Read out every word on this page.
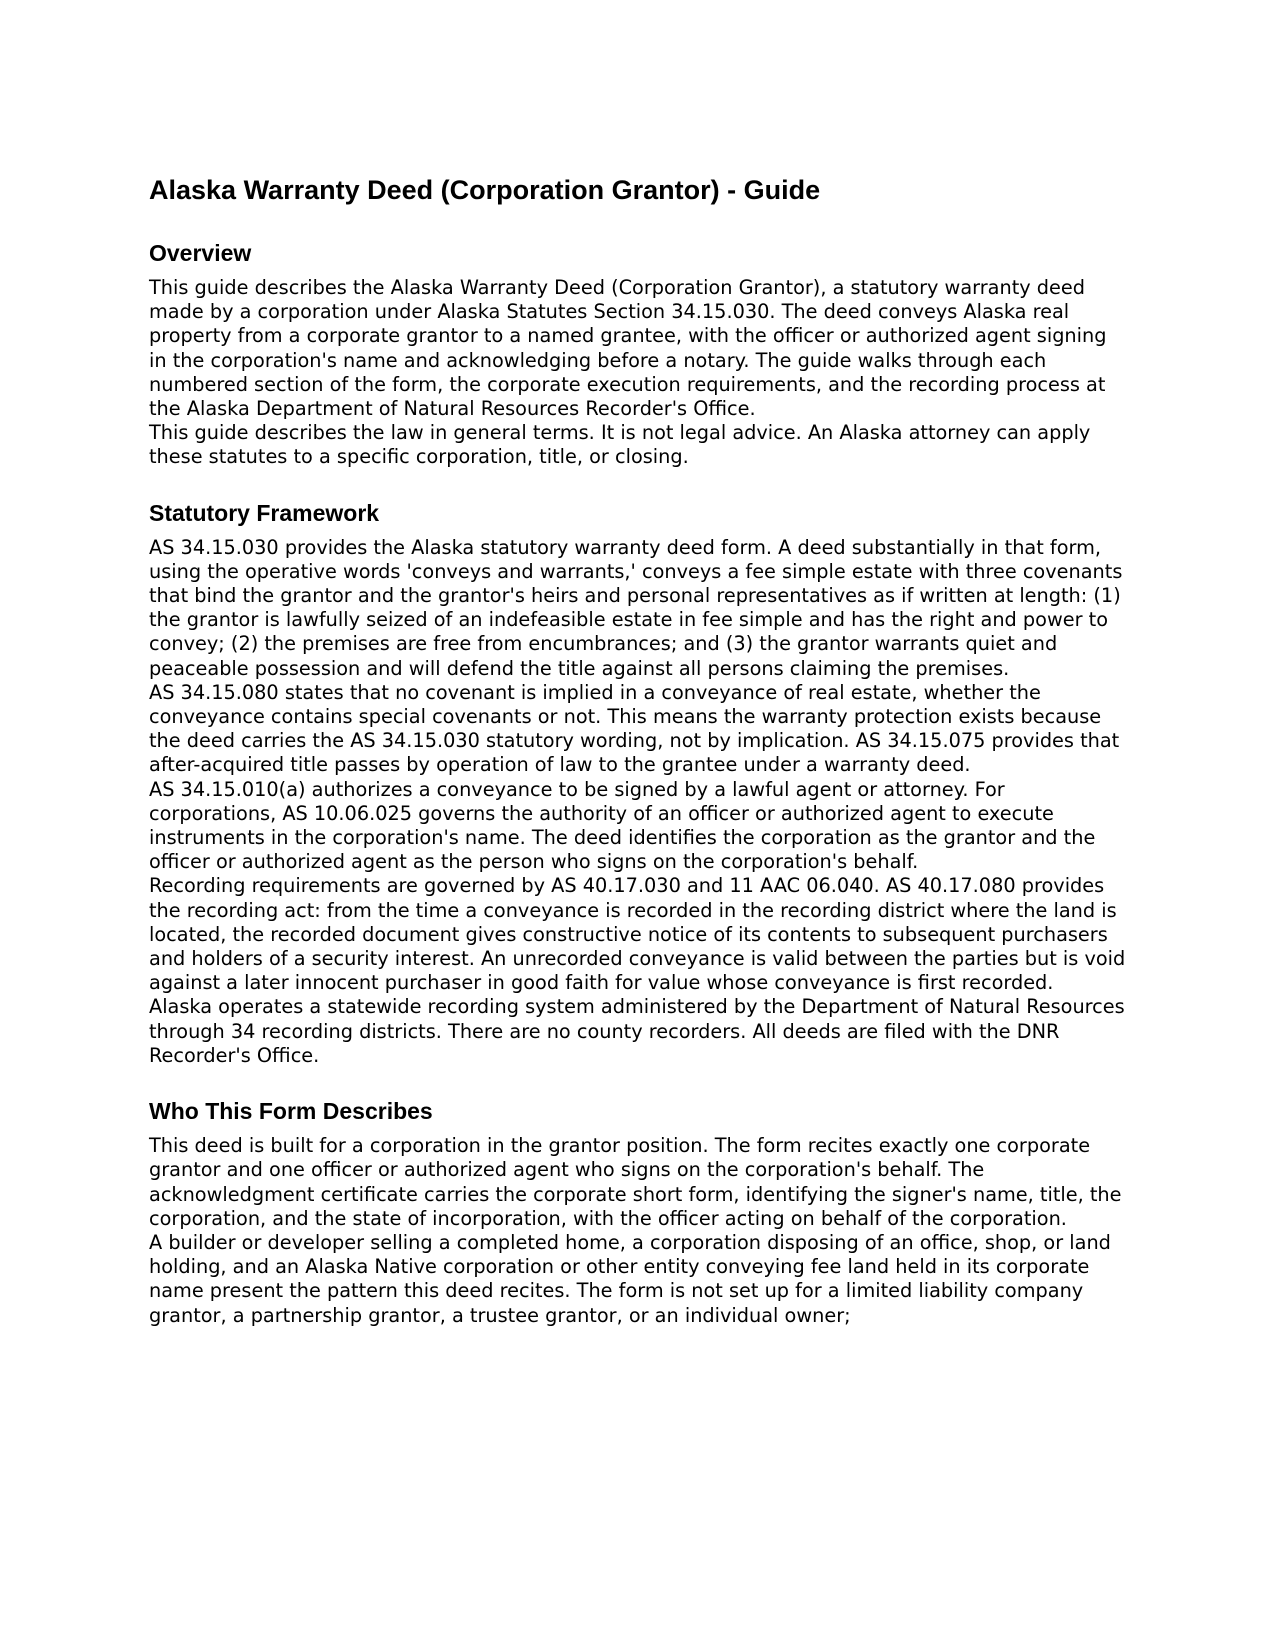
Alaska Warranty Deed (Corporation Grantor) - Guide
Overview

This guide describes the Alaska Warranty Deed (Corporation Grantor), a statutory warranty deed made by a corporation under Alaska Statutes Section 34.15.030. The deed conveys Alaska real property from a corporate grantor to a named grantee, with the officer or authorized agent signing in the corporation's name and acknowledging before a notary. The guide walks through each numbered section of the form, the corporate execution requirements, and the recording process at the Alaska Department of Natural Resources Recorder's Office.

This guide describes the law in general terms. It is not legal advice. An Alaska attorney can apply these statutes to a specific corporation, title, or closing.

Statutory Framework

AS 34.15.030 provides the Alaska statutory warranty deed form. A deed substantially in that form, using the operative words 'conveys and warrants,' conveys a fee simple estate with three covenants that bind the grantor and the grantor's heirs and personal representatives as if written at length: (1) the grantor is lawfully seized of an indefeasible estate in fee simple and has the right and power to convey; (2) the premises are free from encumbrances; and (3) the grantor warrants quiet and peaceable possession and will defend the title against all persons claiming the premises.

AS 34.15.080 states that no covenant is implied in a conveyance of real estate, whether the conveyance contains special covenants or not. This means the warranty protection exists because the deed carries the AS 34.15.030 statutory wording, not by implication. AS 34.15.075 provides that after-acquired title passes by operation of law to the grantee under a warranty deed.

AS 34.15.010(a) authorizes a conveyance to be signed by a lawful agent or attorney. For corporations, AS 10.06.025 governs the authority of an officer or authorized agent to execute instruments in the corporation's name. The deed identifies the corporation as the grantor and the officer or authorized agent as the person who signs on the corporation's behalf.

Recording requirements are governed by AS 40.17.030 and 11 AAC 06.040. AS 40.17.080 provides the recording act: from the time a conveyance is recorded in the recording district where the land is located, the recorded document gives constructive notice of its contents to subsequent purchasers and holders of a security interest. An unrecorded conveyance is valid between the parties but is void against a later innocent purchaser in good faith for value whose conveyance is first recorded.

Alaska operates a statewide recording system administered by the Department of Natural Resources through 34 recording districts. There are no county recorders. All deeds are filed with the DNR Recorder's Office.

Who This Form Describes

This deed is built for a corporation in the grantor position. The form recites exactly one corporate grantor and one officer or authorized agent who signs on the corporation's behalf. The acknowledgment certificate carries the corporate short form, identifying the signer's name, title, the corporation, and the state of incorporation, with the officer acting on behalf of the corporation.

A builder or developer selling a completed home, a corporation disposing of an office, shop, or land holding, and an Alaska Native corporation or other entity conveying fee land held in its corporate name present the pattern this deed recites. The form is not set up for a limited liability company grantor, a partnership grantor, a trustee grantor, or an individual owner;
